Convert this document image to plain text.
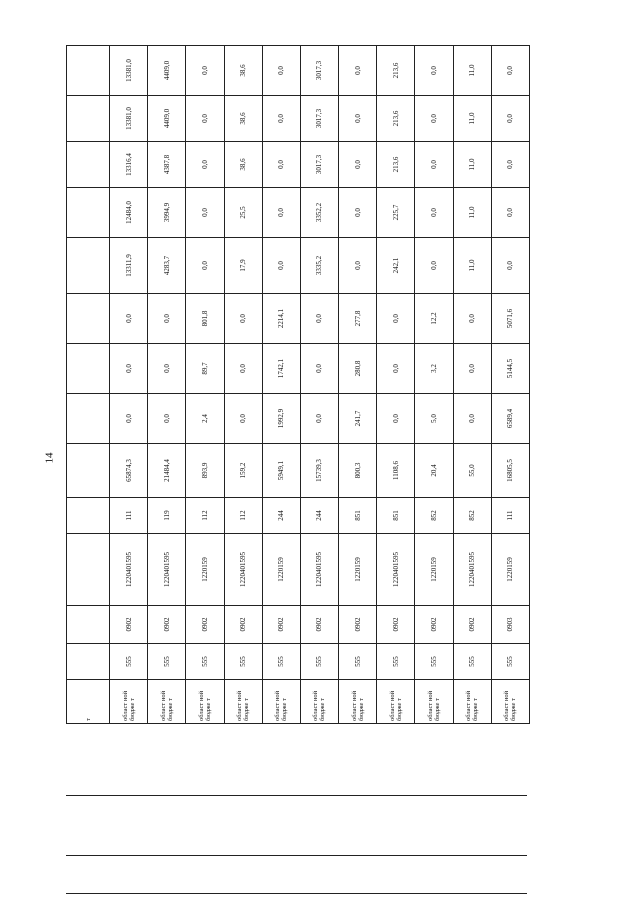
14
т													
област ной бюдже т	555	0902	1220401595	111	65874,3	0,0	0,0	0,0	13311,9	12484,0	13316,4	13381,0	13381,0
област ной бюдже т	555	0902	1220401595	119	21484,4	0,0	0,0	0,0	4283,7	3994,9	4387,8	4409,0	4409,0
област ной бюдже т	555	0902	1220159	112	893,9	2,4	89,7	801,8	0,0	0,0	0,0	0,0	0,0
област ной бюдже т	555	0902	1220401595	112	159,2	0,0	0,0	0,0	17,9	25,5	38,6	38,6	38,6
област ной бюдже т	555	0902	1220159	244	5949,1	1992,9	1742,1	2214,1	0,0	0,0	0,0	0,0	0,0
област ной бюдже т	555	0902	1220401595	244	15739,3	0,0	0,0	0,0	3335,2	3352,2	3017,3	3017,3	3017,3
област ной бюдже т	555	0902	1220159	851	800,3	241,7	280,8	277,8	0,0	0,0	0,0	0,0	0,0
област ной бюдже т	555	0902	1220401595	851	1108,6	0,0	0,0	0,0	242,1	225,7	213,6	213,6	213,6
област ной бюдже т	555	0902	1220159	852	20,4	5,0	3,2	12,2	0,0	0,0	0,0	0,0	0,0
област ной бюдже т	555	0902	1220401595	852	55,0	0,0	0,0	0,0	11,0	11,0	11,0	11,0	11,0
област ной бюдже т	555	0903	1220159	111	16805,5	6589,4	5144,5	5071,6	0,0	0,0	0,0	0,0	0,0
